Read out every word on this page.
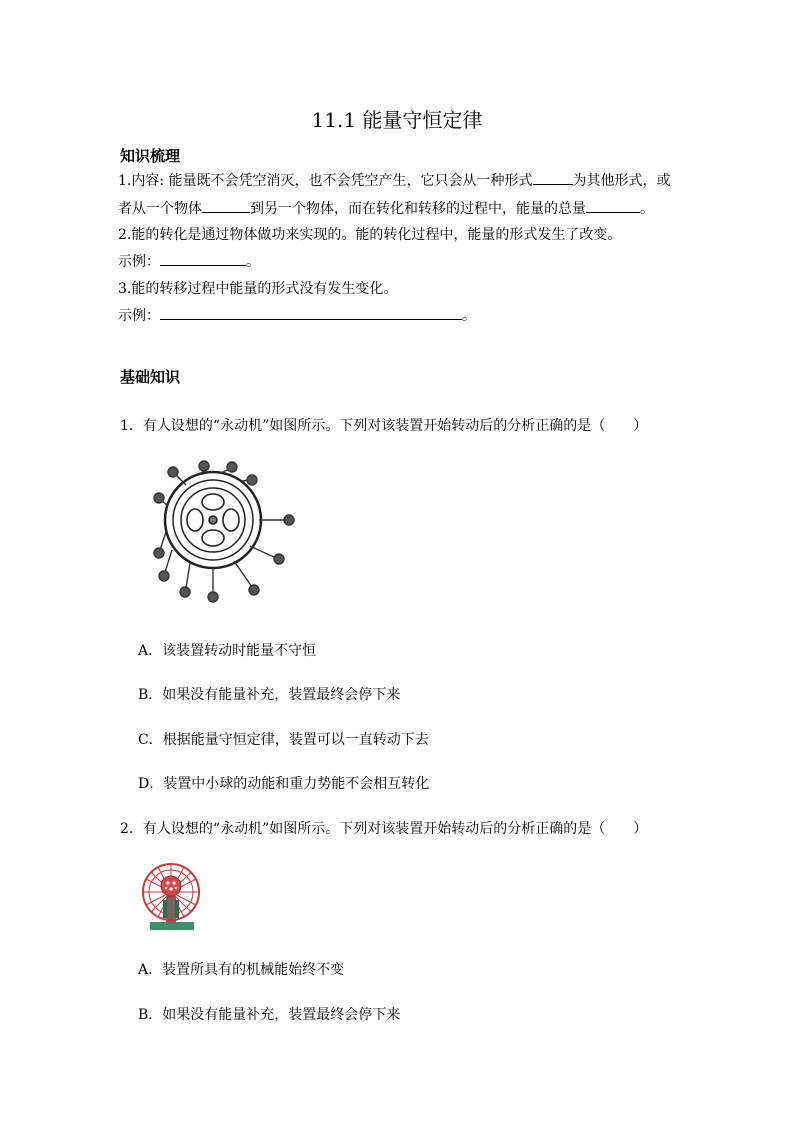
11.1 能量守恒定律
知识梳理
1.内容: 能量既不会凭空消灭，也不会凭空产生，它只会从一种形式	为其他形式，或
者从一个物体	到另一个物体，而在转化和转移的过程中，能量的总量	。
2.能的转化是通过物体做功来实现的。能的转化过程中，能量的形式发生了改变。
示例：	。
3.能的转移过程中能量的形式没有发生变化。
示例：	。
基础知识
1．有人设想的“永动机”如图所示。下列对该装置开始转动后的分析正确的是（　　）
A．该装置转动时能量不守恒
B．如果没有能量补充，装置最终会停下来
C．根据能量守恒定律，装置可以一直转动下去
D．装置中小球的动能和重力势能不会相互转化
2．有人设想的“永动机”如图所示。下列对该装置开始转动后的分析正确的是（　　）
A．装置所具有的机械能始终不变
B．如果没有能量补充，装置最终会停下来
